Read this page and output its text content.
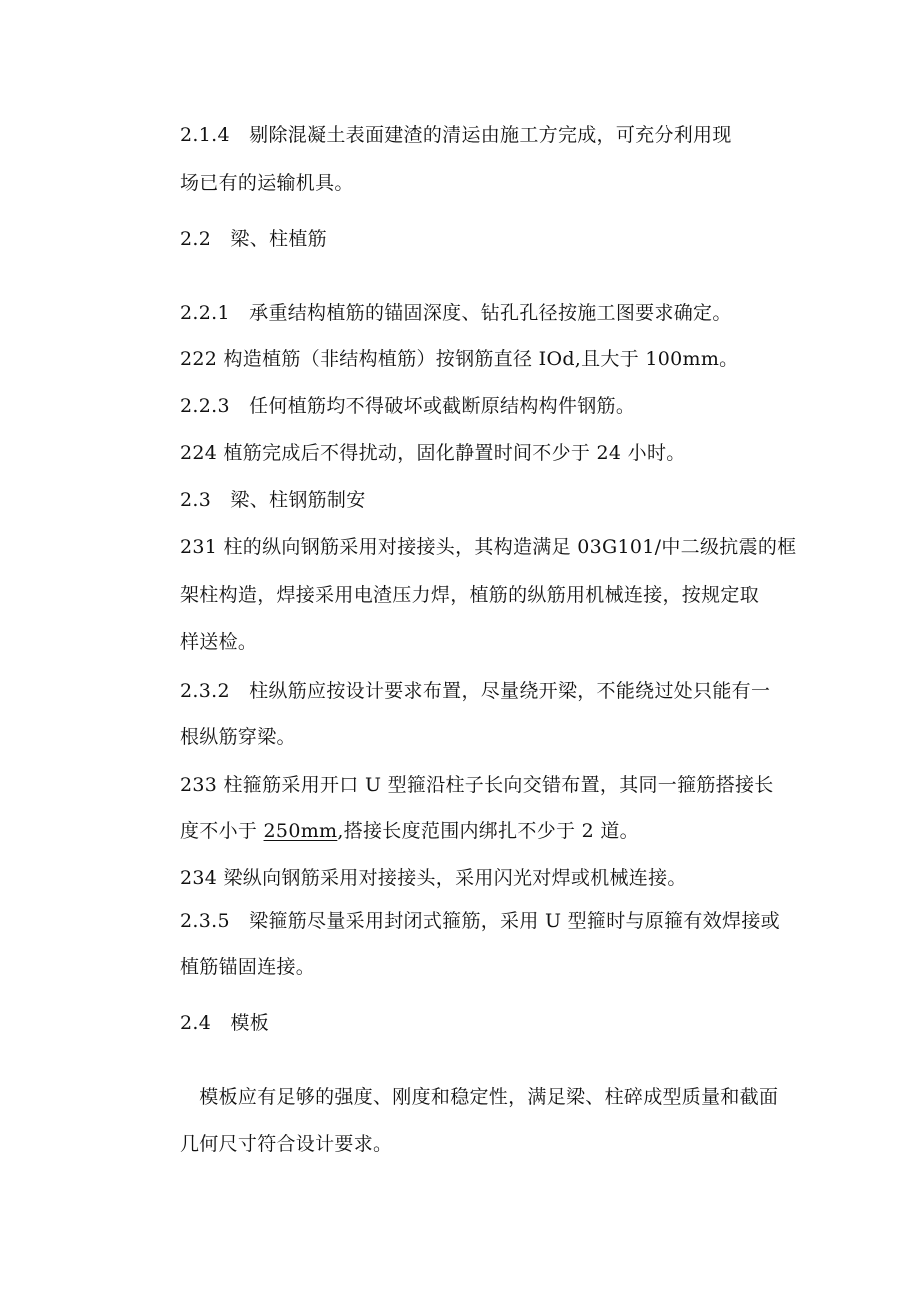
2.1.4　剔除混凝土表面建渣的清运由施工方完成，可充分利用现

场已有的运输机具。

2.2　梁、柱植筋

2.2.1　承重结构植筋的锚固深度、钻孔孔径按施工图要求确定。

222 构造植筋（非结构植筋）按钢筋直径 IOd,且大于 100mm。

2.2.3　任何植筋均不得破坏或截断原结构构件钢筋。

224 植筋完成后不得扰动，固化静置时间不少于 24 小时。

2.3　梁、柱钢筋制安

231 柱的纵向钢筋采用对接接头，其构造满足 03G101/中二级抗震的框

架柱构造，焊接采用电渣压力焊，植筋的纵筋用机械连接，按规定取

样送检。

2.3.2　柱纵筋应按设计要求布置，尽量绕开梁，不能绕过处只能有一

根纵筋穿梁。

233 柱箍筋采用开口 U 型箍沿柱子长向交错布置，其同一箍筋搭接长

度不小于 250mm,搭接长度范围内绑扎不少于 2 道。

234 梁纵向钢筋采用对接接头，采用闪光对焊或机械连接。

2.3.5　梁箍筋尽量采用封闭式箍筋，采用 U 型箍时与原箍有效焊接或

植筋锚固连接。

2.4　模板

　模板应有足够的强度、刚度和稳定性，满足梁、柱碎成型质量和截面

几何尺寸符合设计要求。
